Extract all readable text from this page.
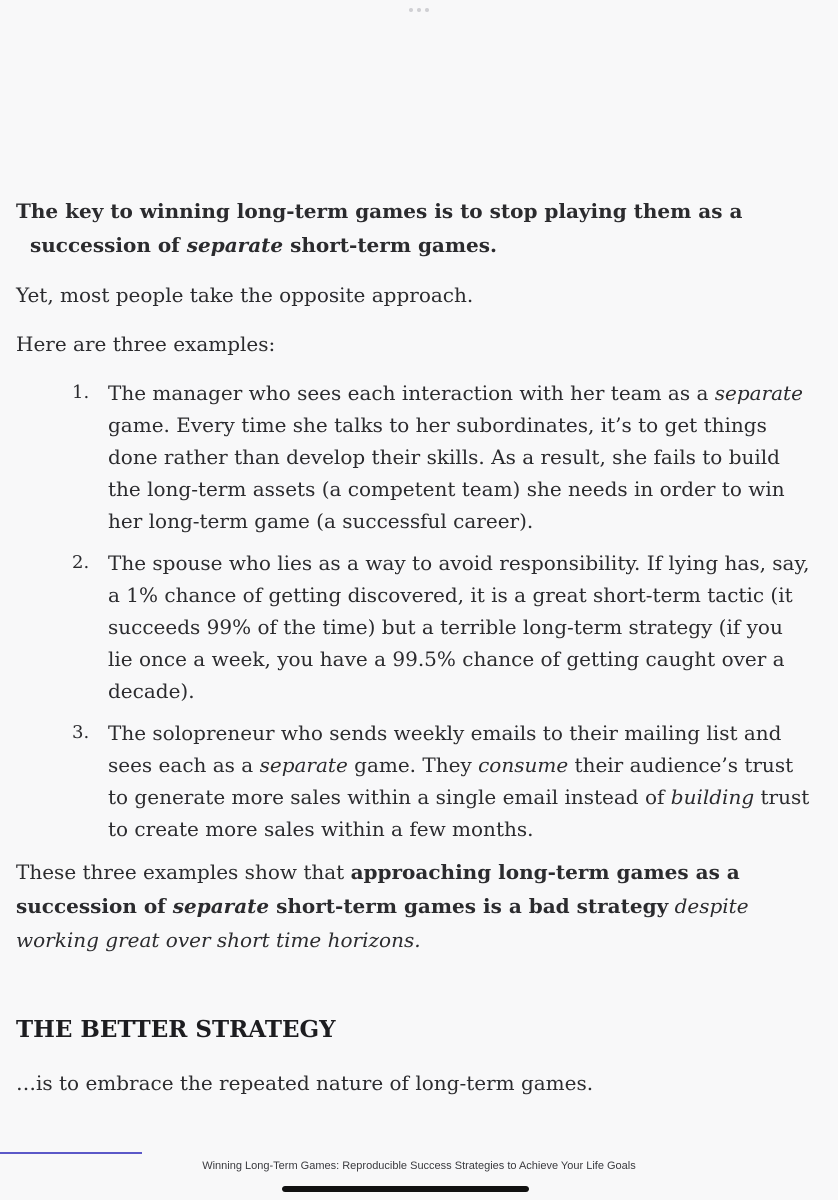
The key to winning long-term games is to stop playing them as a succession of separate short-term games.

Yet, most people take the opposite approach.

Here are three examples:

1. The manager who sees each interaction with her team as a separate game. Every time she talks to her subordinates, it’s to get things done rather than develop their skills. As a result, she fails to build the long-term assets (a competent team) she needs in order to win her long-term game (a successful career).
2. The spouse who lies as a way to avoid responsibility. If lying has, say, a 1% chance of getting discovered, it is a great short-term tactic (it succeeds 99% of the time) but a terrible long-term strategy (if you lie once a week, you have a 99.5% chance of getting caught over a decade).
3. The solopreneur who sends weekly emails to their mailing list and sees each as a separate game. They consume their audience’s trust to generate more sales within a single email instead of building trust to create more sales within a few months.

These three examples show that approaching long-term games as a succession of separate short-term games is a bad strategy despite working great over short time horizons.

THE BETTER STRATEGY

…is to embrace the repeated nature of long-term games.

Winning Long-Term Games: Reproducible Success Strategies to Achieve Your Life Goals
